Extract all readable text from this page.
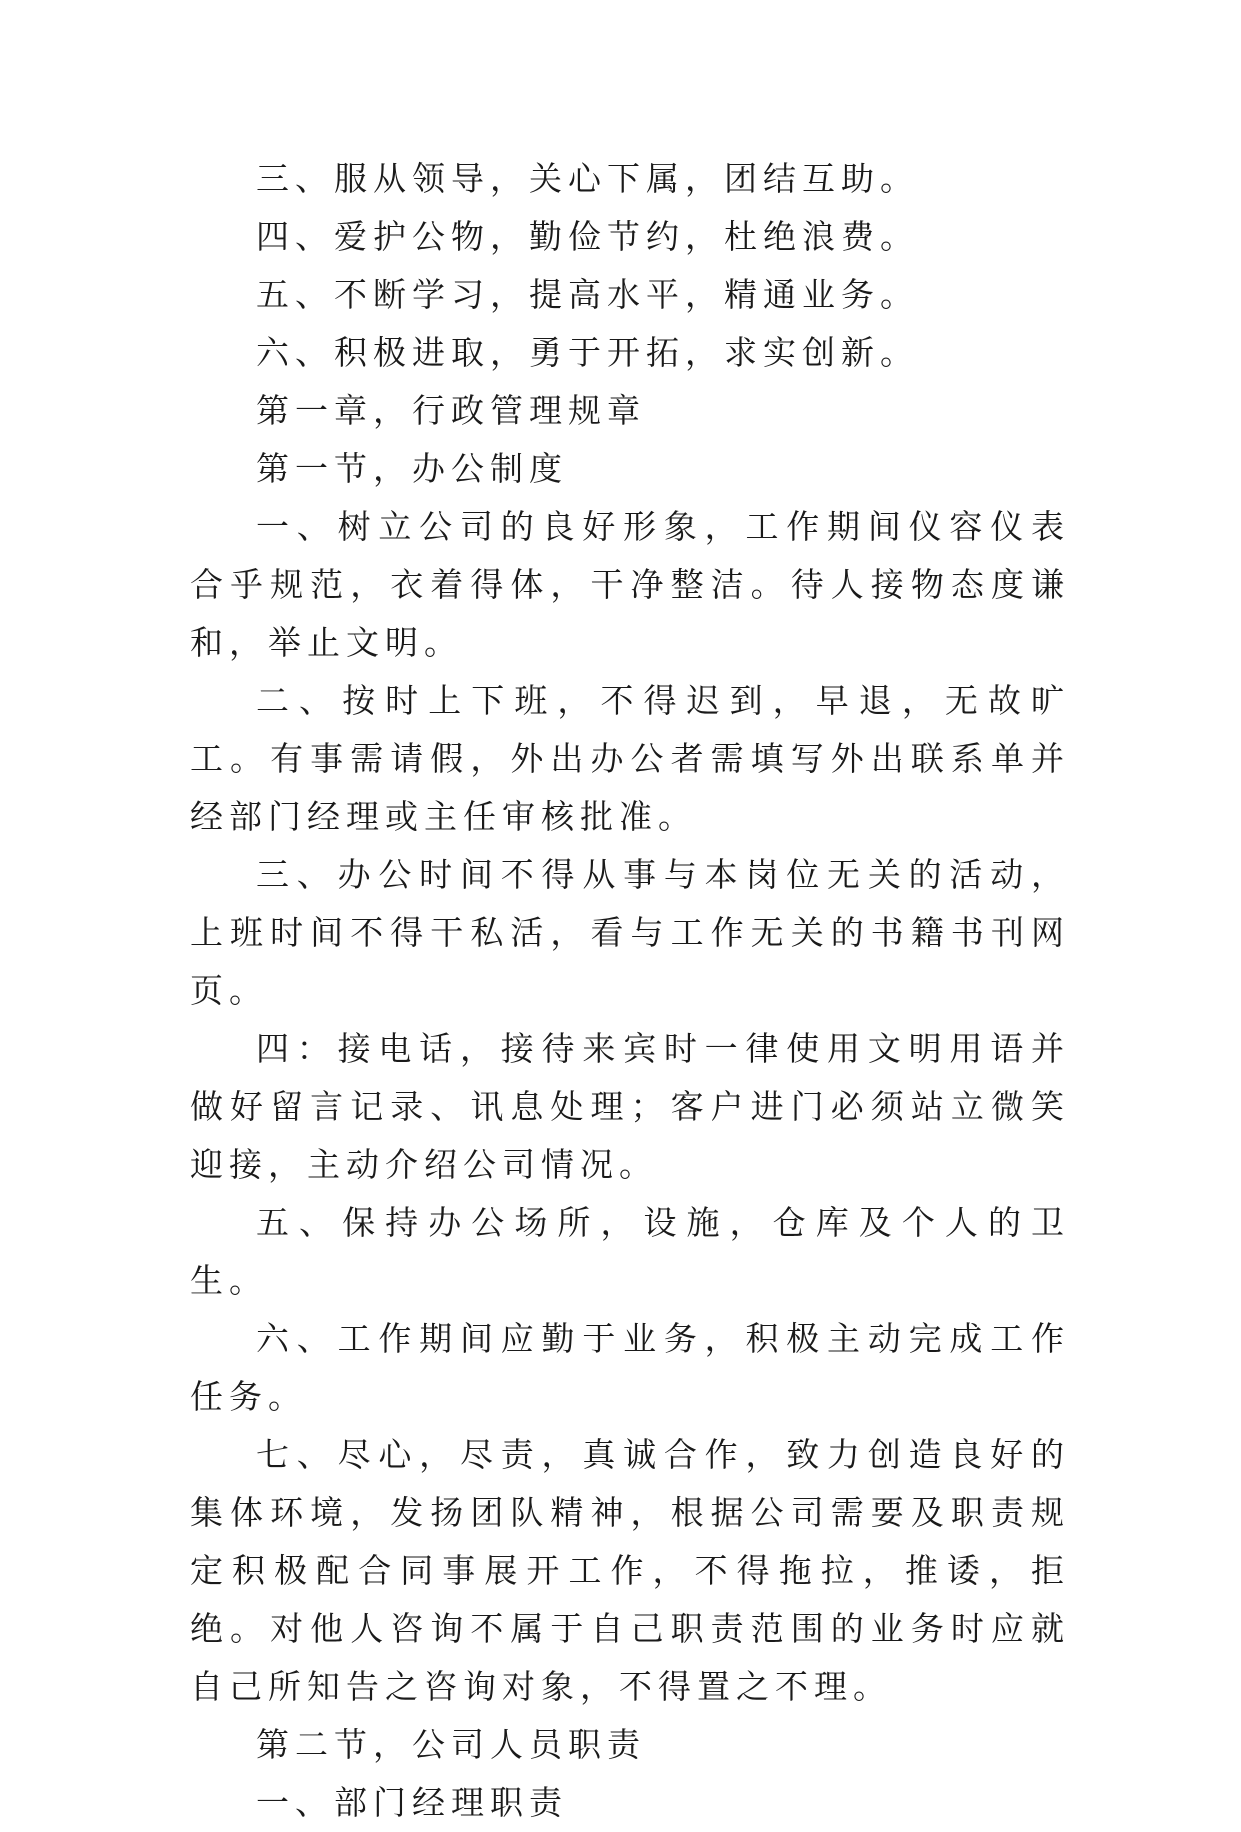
三、服从领导，关心下属，团结互助。

四、爱护公物，勤俭节约，杜绝浪费。

五、不断学习，提高水平，精通业务。

六、积极进取，勇于开拓，求实创新。

第一章，行政管理规章

第一节，办公制度

一、树立公司的良好形象，工作期间仪容仪表合乎规范，衣着得体，干净整洁。待人接物态度谦和，举止文明。

二、按时上下班，不得迟到，早退，无故旷工。有事需请假，外出办公者需填写外出联系单并经部门经理或主任审核批准。

三、办公时间不得从事与本岗位无关的活动，上班时间不得干私活，看与工作无关的书籍书刊网页。

四：接电话，接待来宾时一律使用文明用语并做好留言记录、讯息处理；客户进门必须站立微笑迎接，主动介绍公司情况。

五、保持办公场所，设施，仓库及个人的卫生。

六、工作期间应勤于业务，积极主动完成工作任务。

七、尽心，尽责，真诚合作，致力创造良好的集体环境，发扬团队精神，根据公司需要及职责规定积极配合同事展开工作，不得拖拉，推诿，拒绝。对他人咨询不属于自己职责范围的业务时应就自己所知告之咨询对象，不得置之不理。

第二节，公司人员职责

一、部门经理职责
